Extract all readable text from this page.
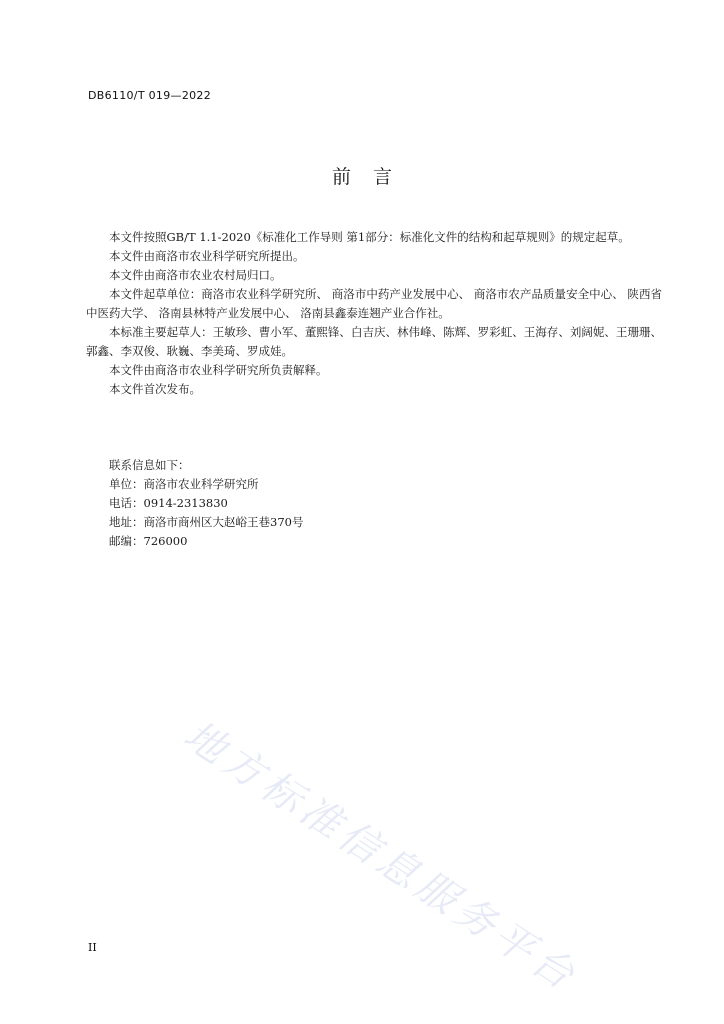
DB6110/T 019—2022
前言

本文件按照GB/T 1.1-2020《标准化工作导则 第1部分：标准化文件的结构和起草规则》的规定起草。

本文件由商洛市农业科学研究所提出。

本文件由商洛市农业农村局归口。

本文件起草单位：商洛市农业科学研究所、 商洛市中药产业发展中心、 商洛市农产品质量安全中心、 陕西省中医药大学、 洛南县林特产业发展中心、 洛南县鑫泰连翘产业合作社。

本标准主要起草人：王敏珍、曹小军、董熙锋、白吉庆、林伟峰、陈辉、罗彩虹、王海存、刘阔妮、王珊珊、郭鑫、李双俊、耿巍、李美琦、罗成娃。

本文件由商洛市农业科学研究所负责解释。

本文件首次发布。

联系信息如下：

单位：商洛市农业科学研究所

电话：0914-2313830

地址：商洛市商州区大赵峪王巷370号

邮编：726000

地方标准信息服务平台
II
